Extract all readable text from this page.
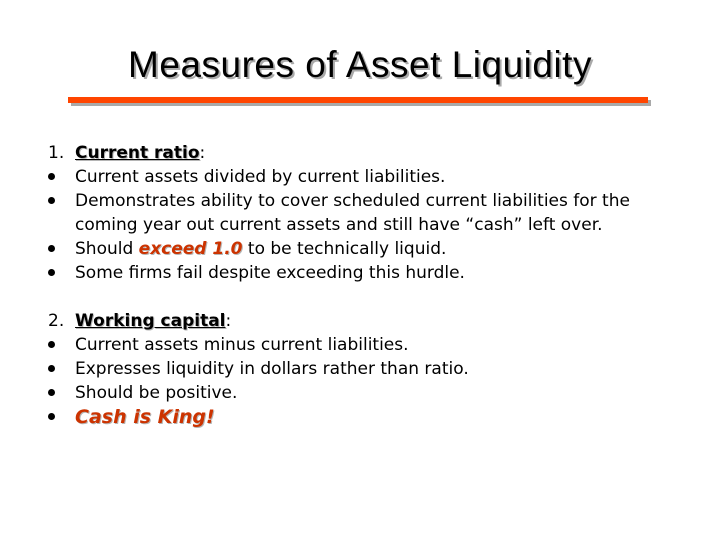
Measures of Asset Liquidity
1. Current ratio:
Current assets divided by current liabilities.
Demonstrates ability to cover scheduled current liabilities for the coming year out current assets and still have “cash” left over.
Should exceed 1.0 to be technically liquid.
Some firms fail despite exceeding this hurdle.
2. Working capital:
Current assets minus current liabilities.
Expresses liquidity in dollars rather than ratio.
Should be positive.
Cash is King!
